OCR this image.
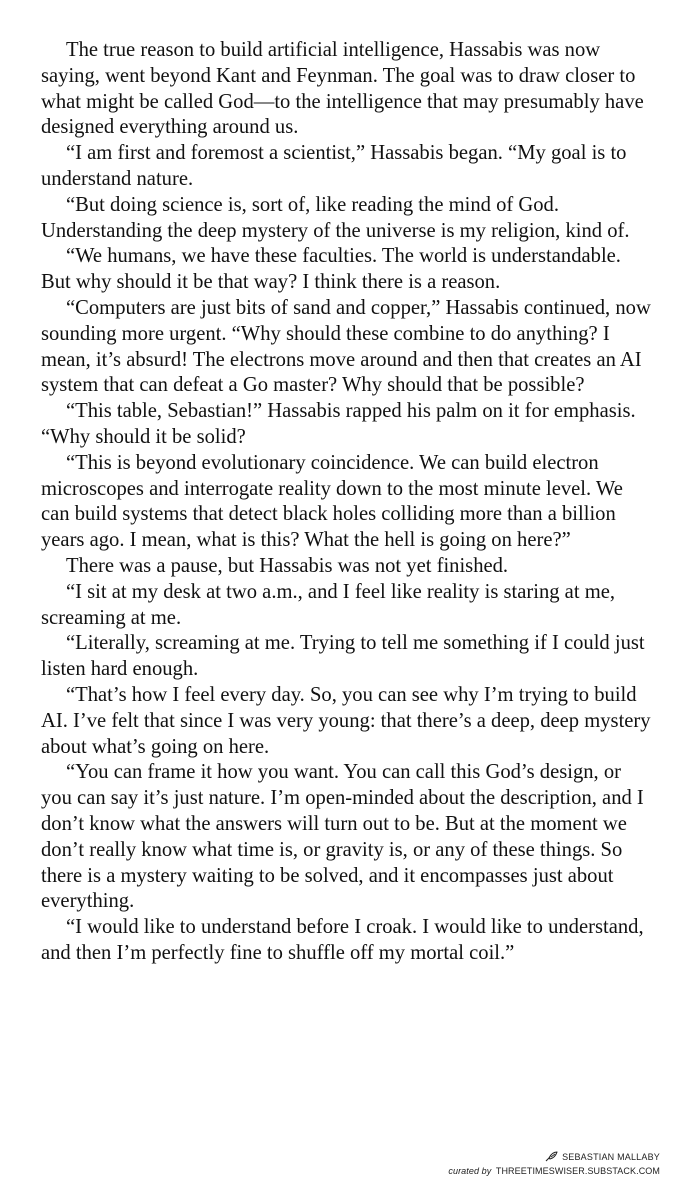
The true reason to build artificial intelligence, Hassabis was now saying, went beyond Kant and Feynman. The goal was to draw closer to what might be called God—to the intelligence that may presumably have designed everything around us.

“I am first and foremost a scientist,” Hassabis began. “My goal is to understand nature.

“But doing science is, sort of, like reading the mind of God. Understanding the deep mystery of the universe is my religion, kind of.

“We humans, we have these faculties. The world is understandable. But why should it be that way? I think there is a reason.

“Computers are just bits of sand and copper,” Hassabis continued, now sounding more urgent. “Why should these combine to do anything? I mean, it’s absurd! The electrons move around and then that creates an AI system that can defeat a Go master? Why should that be possible?

“This table, Sebastian!” Hassabis rapped his palm on it for emphasis. “Why should it be solid?

“This is beyond evolutionary coincidence. We can build electron microscopes and interrogate reality down to the most minute level. We can build systems that detect black holes colliding more than a billion years ago. I mean, what is this? What the hell is going on here?”

There was a pause, but Hassabis was not yet finished.

“I sit at my desk at two a.m., and I feel like reality is staring at me, screaming at me.

“Literally, screaming at me. Trying to tell me something if I could just listen hard enough.

“That’s how I feel every day. So, you can see why I’m trying to build AI. I’ve felt that since I was very young: that there’s a deep, deep mystery about what’s going on here.

“You can frame it how you want. You can call this God’s design, or you can say it’s just nature. I’m open-minded about the description, and I don’t know what the answers will turn out to be. But at the moment we don’t really know what time is, or gravity is, or any of these things. So there is a mystery waiting to be solved, and it encompasses just about everything.

“I would like to understand before I croak. I would like to understand, and then I’m perfectly fine to shuffle off my mortal coil.”

SEBASTIAN MALLABY
curated by THREETIMESWISER.SUBSTACK.COM
